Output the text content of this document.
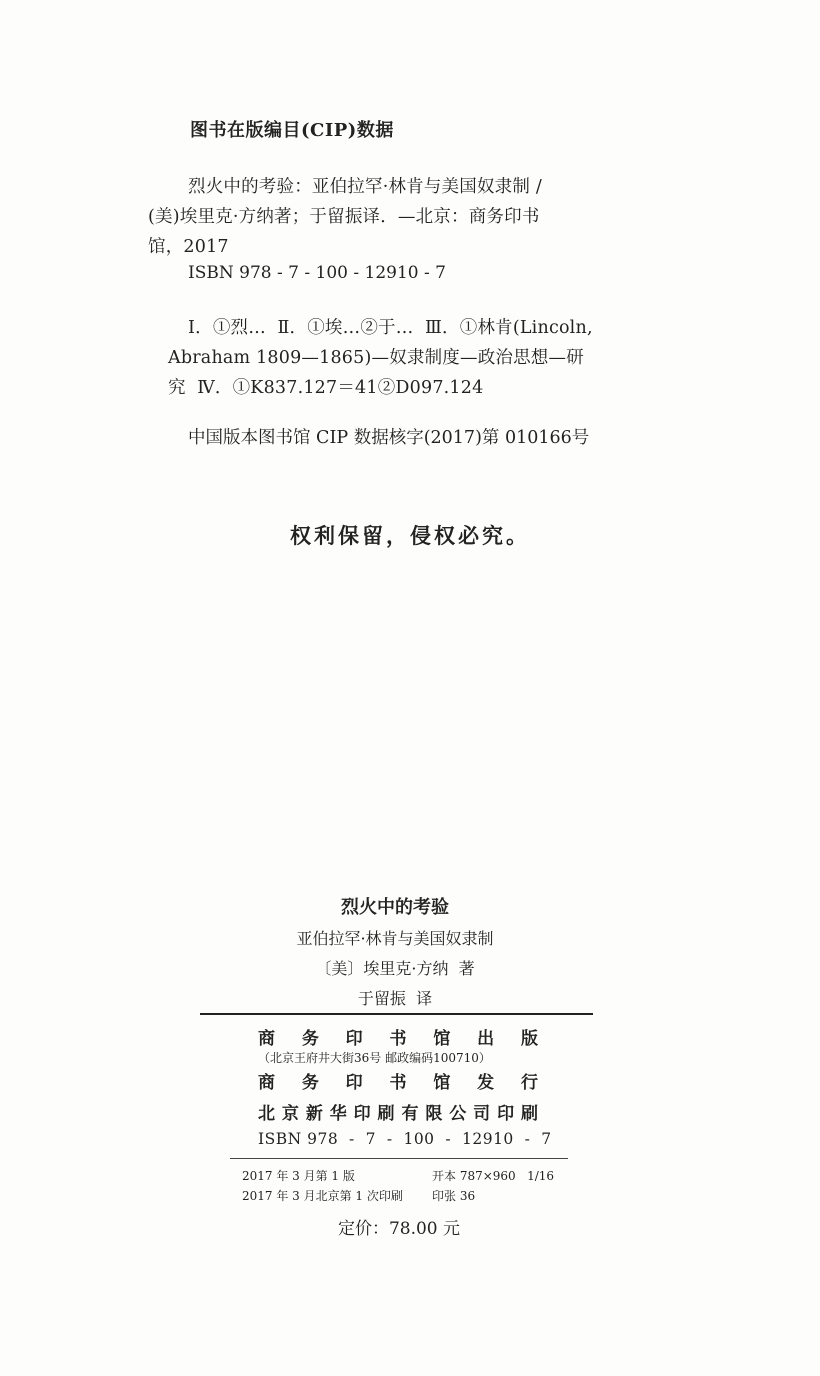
图书在版编目(CIP)数据
烈火中的考验：亚伯拉罕·林肯与美国奴隶制 /
(美)埃里克·方纳著；于留振译．—北京：商务印书
馆，2017
ISBN 978 - 7 - 100 - 12910 - 7
Ⅰ．①烈…  Ⅱ．①埃…②于…  Ⅲ．①林肯(Lincoln,
Abraham 1809—1865)—奴隶制度—政治思想—研
究  Ⅳ．①K837.127＝41②D097.124
中国版本图书馆 CIP 数据核字(2017)第 010166号
权利保留，侵权必究。
烈火中的考验
亚伯拉罕·林肯与美国奴隶制
〔美〕埃里克·方纳  著
于留振  译
商 务 印 书 馆 出 版
（北京王府井大街36号 邮政编码100710）
商 务 印 书 馆 发 行
北 京 新 华 印 刷 有 限 公 司 印 刷
ISBN 978  -  7  -  100  -  12910  -  7
2017 年 3 月第 1 版	开本 787×960   1/16
2017 年 3 月北京第 1 次印刷	印张 36
定价：78.00 元
